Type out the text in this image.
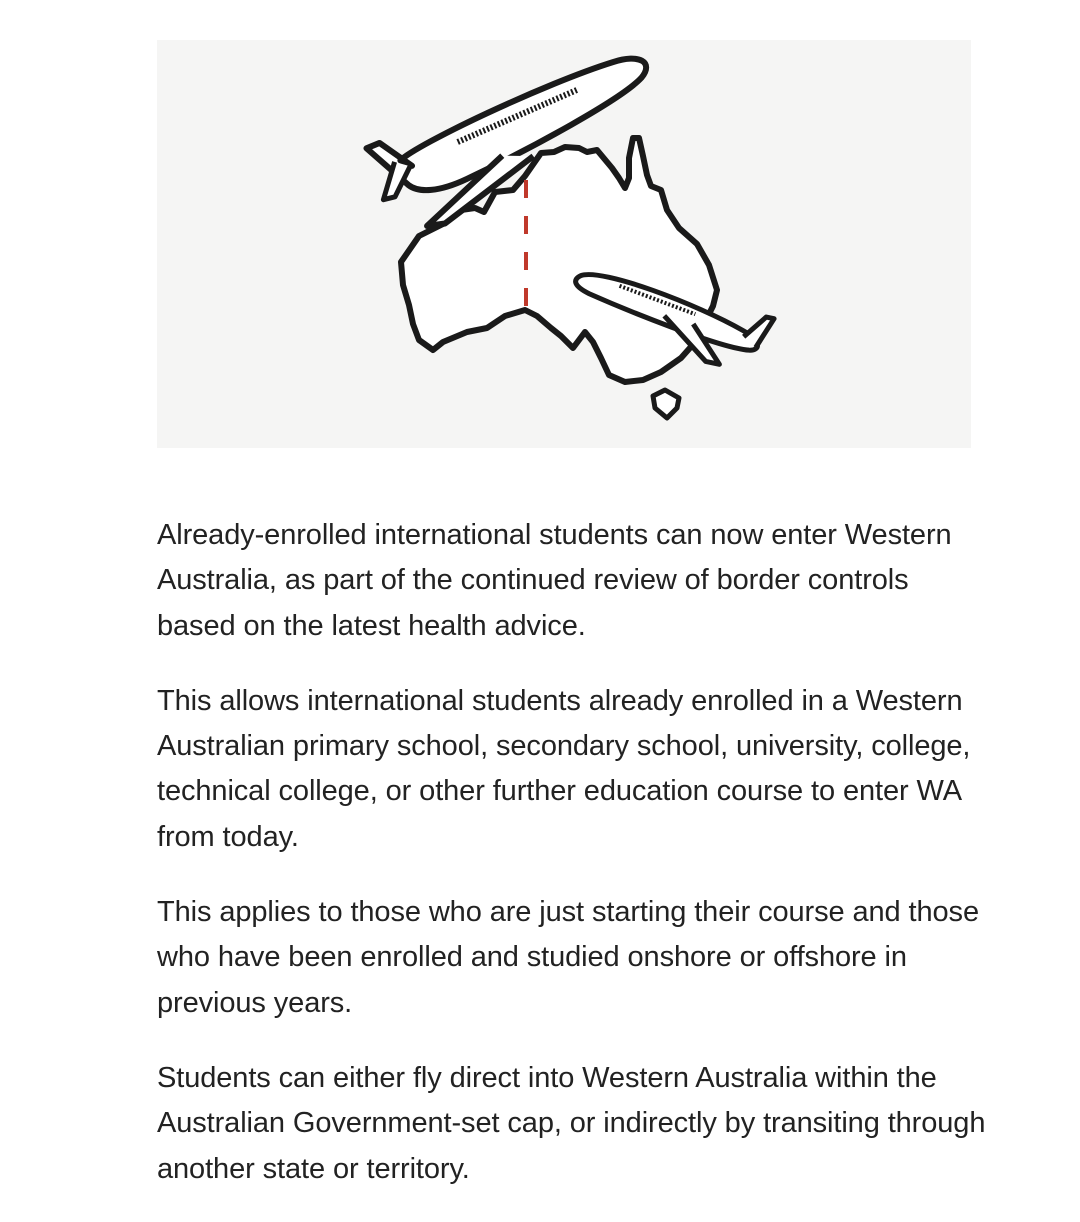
Already-enrolled international students can now enter Western Australia, as part of the continued review of border controls based on the latest health advice.

This allows international students already enrolled in a Western Australian primary school, secondary school, university, college, technical college, or other further education course to enter WA from today.

This applies to those who are just starting their course and those who have been enrolled and studied onshore or offshore in previous years.

Students can either fly direct into Western Australia within the Australian Government-set cap, or indirectly by transiting through another state or territory.
